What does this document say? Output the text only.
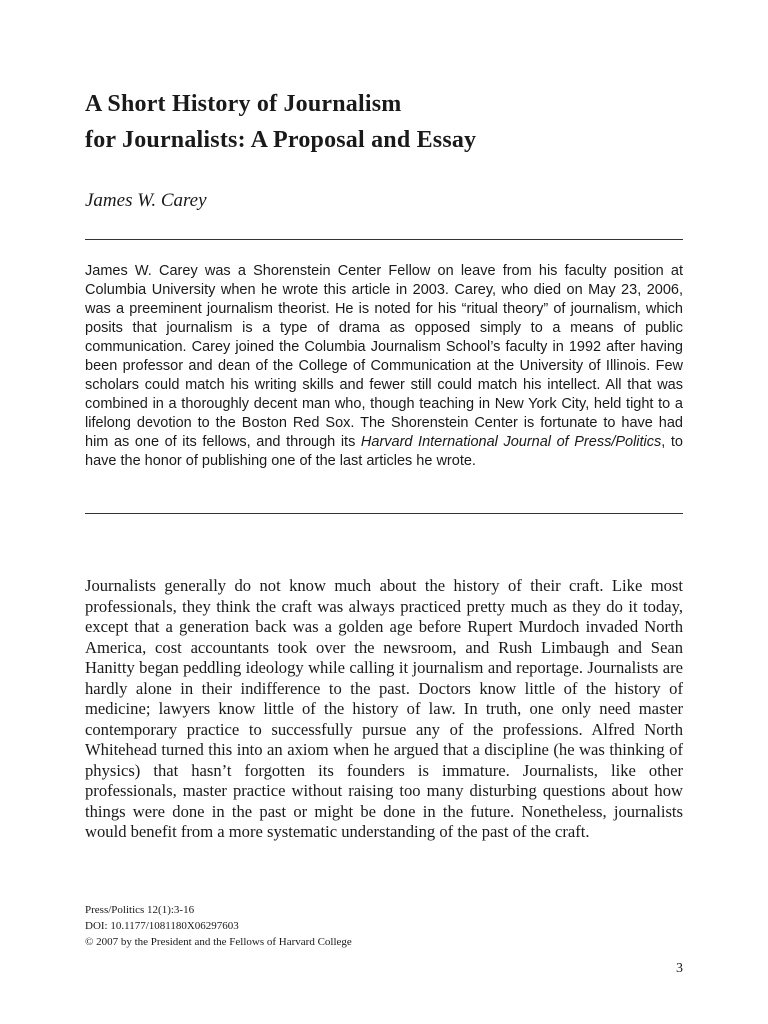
A Short History of Journalism
for Journalists: A Proposal and Essay

James W. Carey

James W. Carey was a Shorenstein Center Fellow on leave from his faculty position at Columbia University when he wrote this article in 2003. Carey, who died on May 23, 2006, was a preeminent journalism theorist. He is noted for his “ritual theory” of journalism, which posits that journalism is a type of drama as opposed simply to a means of public communication. Carey joined the Columbia Journalism School’s faculty in 1992 after having been professor and dean of the College of Communication at the University of Illinois. Few scholars could match his writing skills and fewer still could match his intellect. All that was combined in a thoroughly decent man who, though teaching in New York City, held tight to a lifelong devotion to the Boston Red Sox. The Shorenstein Center is fortunate to have had him as one of its fellows, and through its Harvard International Journal of Press/Politics, to have the honor of publishing one of the last articles he wrote.

Journalists generally do not know much about the history of their craft. Like most professionals, they think the craft was always practiced pretty much as they do it today, except that a generation back was a golden age before Rupert Murdoch invaded North America, cost accountants took over the newsroom, and Rush Limbaugh and Sean Hanitty began peddling ideology while calling it journalism and reportage. Journalists are hardly alone in their indifference to the past. Doctors know little of the history of medicine; lawyers know little of the history of law. In truth, one only need master contemporary practice to successfully pursue any of the professions. Alfred North Whitehead turned this into an axiom when he argued that a discipline (he was thinking of physics) that hasn’t forgotten its founders is immature. Journalists, like other professionals, master practice without raising too many disturbing questions about how things were done in the past or might be done in the future. Nonetheless, journalists would benefit from a more systematic understanding of the past of the craft.

Press/Politics 12(1):3-16
DOI: 10.1177/1081180X06297603
© 2007 by the President and the Fellows of Harvard College

3
